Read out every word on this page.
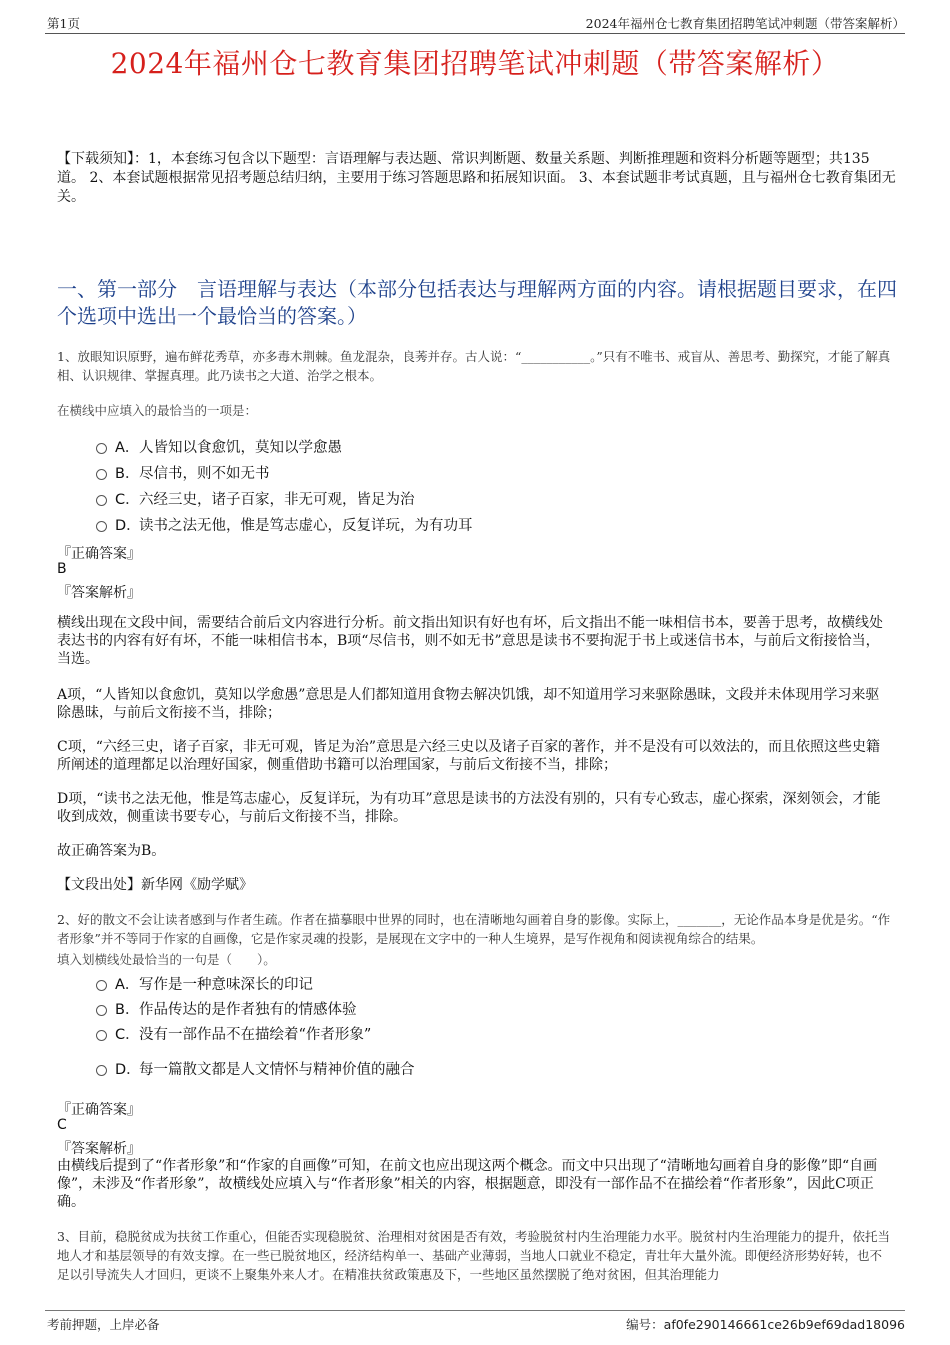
第1页	2024年福州仓七教育集团招聘笔试冲刺题（带答案解析）
2024年福州仓七教育集团招聘笔试冲刺题（带答案解析）
【下载须知】：1，本套练习包含以下题型：言语理解与表达题、常识判断题、数量关系题、判断推理题和资料分析题等题型；共135道。 2、本套试题根据常见招考题总结归纳，主要用于练习答题思路和拓展知识面。 3、本套试题非考试真题，且与福州仓七教育集团无关。
一、第一部分　言语理解与表达（本部分包括表达与理解两方面的内容。请根据题目要求，在四个选项中选出一个最恰当的答案。）
1、放眼知识原野，遍布鲜花秀草，亦多毒木荆棘。鱼龙混杂，良莠并存。古人说：“___________。”只有不唯书、戒盲从、善思考、勤探究，才能了解真相、认识规律、掌握真理。此乃读书之大道、治学之根本。
在横线中应填入的最恰当的一项是：
A．人皆知以食愈饥，莫知以学愈愚
B．尽信书，则不如无书
C．六经三史，诸子百家，非无可观，皆足为治
D．读书之法无他，惟是笃志虚心，反复详玩，为有功耳
『正确答案』
B
『答案解析』
横线出现在文段中间，需要结合前后文内容进行分析。前文指出知识有好也有坏，后文指出不能一味相信书本，要善于思考，故横线处表达书的内容有好有坏，不能一味相信书本，B项“尽信书，则不如无书”意思是读书不要拘泥于书上或迷信书本，与前后文衔接恰当，当选。
A项，“人皆知以食愈饥，莫知以学愈愚”意思是人们都知道用食物去解决饥饿，却不知道用学习来驱除愚昧，文段并未体现用学习来驱除愚昧，与前后文衔接不当，排除；
C项，“六经三史，诸子百家，非无可观，皆足为治”意思是六经三史以及诸子百家的著作，并不是没有可以效法的，而且依照这些史籍所阐述的道理都足以治理好国家，侧重借助书籍可以治理国家，与前后文衔接不当，排除；
D项，“读书之法无他，惟是笃志虚心，反复详玩，为有功耳”意思是读书的方法没有别的，只有专心致志，虚心探索，深刻领会，才能收到成效，侧重读书要专心，与前后文衔接不当，排除。
故正确答案为B。
【文段出处】新华网《励学赋》
2、好的散文不会让读者感到与作者生疏。作者在描摹眼中世界的同时，也在清晰地勾画着自身的影像。实际上，_______，无论作品本身是优是劣。“作者形象”并不等同于作家的自画像，它是作家灵魂的投影，是展现在文字中的一种人生境界，是写作视角和阅读视角综合的结果。
填入划横线处最恰当的一句是（　　）。
A．写作是一种意味深长的印记
B．作品传达的是作者独有的情感体验
C．没有一部作品不在描绘着“作者形象”
D．每一篇散文都是人文情怀与精神价值的融合
『正确答案』
C
『答案解析』
由横线后提到了“作者形象”和“作家的自画像”可知，在前文也应出现这两个概念。而文中只出现了“清晰地勾画着自身的影像”即“自画像”，未涉及“作者形象”，故横线处应填入与“作者形象”相关的内容，根据题意，即没有一部作品不在描绘着“作者形象”，因此C项正确。
3、目前，稳脱贫成为扶贫工作重心，但能否实现稳脱贫、治理相对贫困是否有效，考验脱贫村内生治理能力水平。脱贫村内生治理能力的提升，依托当地人才和基层领导的有效支撑。在一些已脱贫地区，经济结构单一、基础产业薄弱，当地人口就业不稳定，青壮年大量外流。即便经济形势好转，也不足以引导流失人才回归，更谈不上聚集外来人才。在精准扶贫政策惠及下，一些地区虽然摆脱了绝对贫困，但其治理能力
考前押题，上岸必备	编号：af0fe290146661ce26b9ef69dad18096
